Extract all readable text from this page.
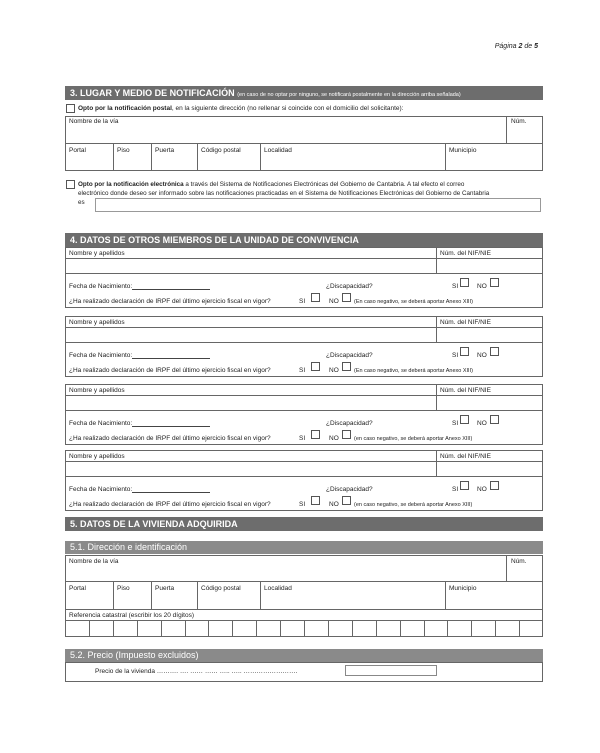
Página 2 de 5
3. LUGAR Y MEDIO DE NOTIFICACIÓN (en caso de no optar por ninguno, se notificará postalmente en la dirección arriba señalada)
Opto por la notificación postal, en la siguiente dirección (no rellenar si coincide con el domicilio del solicitante):
Nombre de la vía	Núm.
Portal	Piso	Puerta	Código postal	Localidad	Municipio
Opto por la notificación electrónica a través del Sistema de Notificaciones Electrónicas del Gobierno de Cantabria. A tal efecto el correo
electrónico donde deseo ser informado sobre las notificaciones practicadas en el Sistema de Notificaciones Electrónicas del Gobierno de Cantabria
es
4. DATOS DE OTROS MIEMBROS DE LA UNIDAD DE CONVIVENCIA
Nombre y apellidos	Núm. del NIF/NIE
Fecha de Nacimiento:	¿Discapacidad?	SI	NO
¿Ha realizado declaración de IRPF del último ejercicio fiscal en vigor?	SI	NO	(En caso negativo, se deberá aportar Anexo XIII)
Nombre y apellidos	Núm. del NIF/NIE
Fecha de Nacimiento:	¿Discapacidad?	SI	NO
¿Ha realizado declaración de IRPF del último ejercicio fiscal en vigor?	SI	NO	(En caso negativo, se deberá aportar Anexo XIII)
Nombre y apellidos	Núm. del NIF/NIE
Fecha de Nacimiento:	¿Discapacidad?	SI	NO
¿Ha realizado declaración de IRPF del último ejercicio fiscal en vigor?	SI	NO	(en caso negativo, se deberá aportar Anexo XIII)
Nombre y apellidos	Núm. del NIF/NIE
Fecha de Nacimiento:	¿Discapacidad?	SI	NO
¿Ha realizado declaración de IRPF del último ejercicio fiscal en vigor?	SI	NO	(en caso negativo, se deberá aportar Anexo XIII)
5. DATOS DE LA VIVIENDA ADQUIRIDA
5.1. Dirección e identificación
Nombre de la vía	Núm.
Portal	Piso	Puerta	Código postal	Localidad	Municipio
Referencia catastral (escribir los 20 dígitos)
5.2. Precio (Impuesto excluidos)
Precio de la vivienda ………. …. …… …… ….. ….. …………………….
